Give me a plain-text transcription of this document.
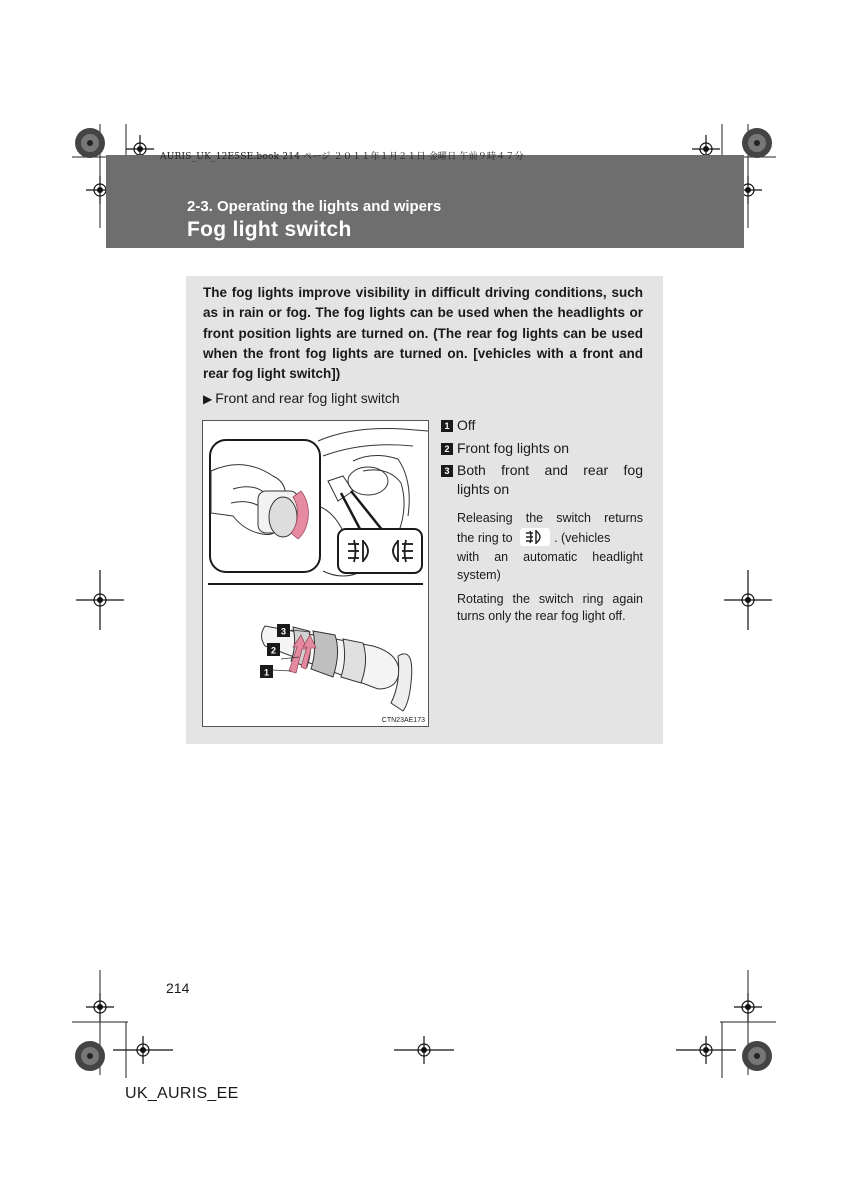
AURIS_UK_12E5SE.book 214 ページ ２０１１年１月２１日 金曜日 午前９時４７分
2-3. Operating the lights and wipers
Fog light switch
The fog lights improve visibility in difficult driving conditions, such as in rain or fog. The fog lights can be used when the headlights or front position lights are turned on. (The rear fog lights can be used when the front fog lights are turned on. [vehicles with a front and rear fog light switch])
▶ Front and rear fog light switch
3
2
1
CTN23AE173
1 Off
2 Front fog lights on
3 Both front and rear fog
lights on
Releasing the switch returns
the ring to	. (vehicles
with an automatic headlight
system)
Rotating the switch ring again
turns only the rear fog light off.
214
UK_AURIS_EE
